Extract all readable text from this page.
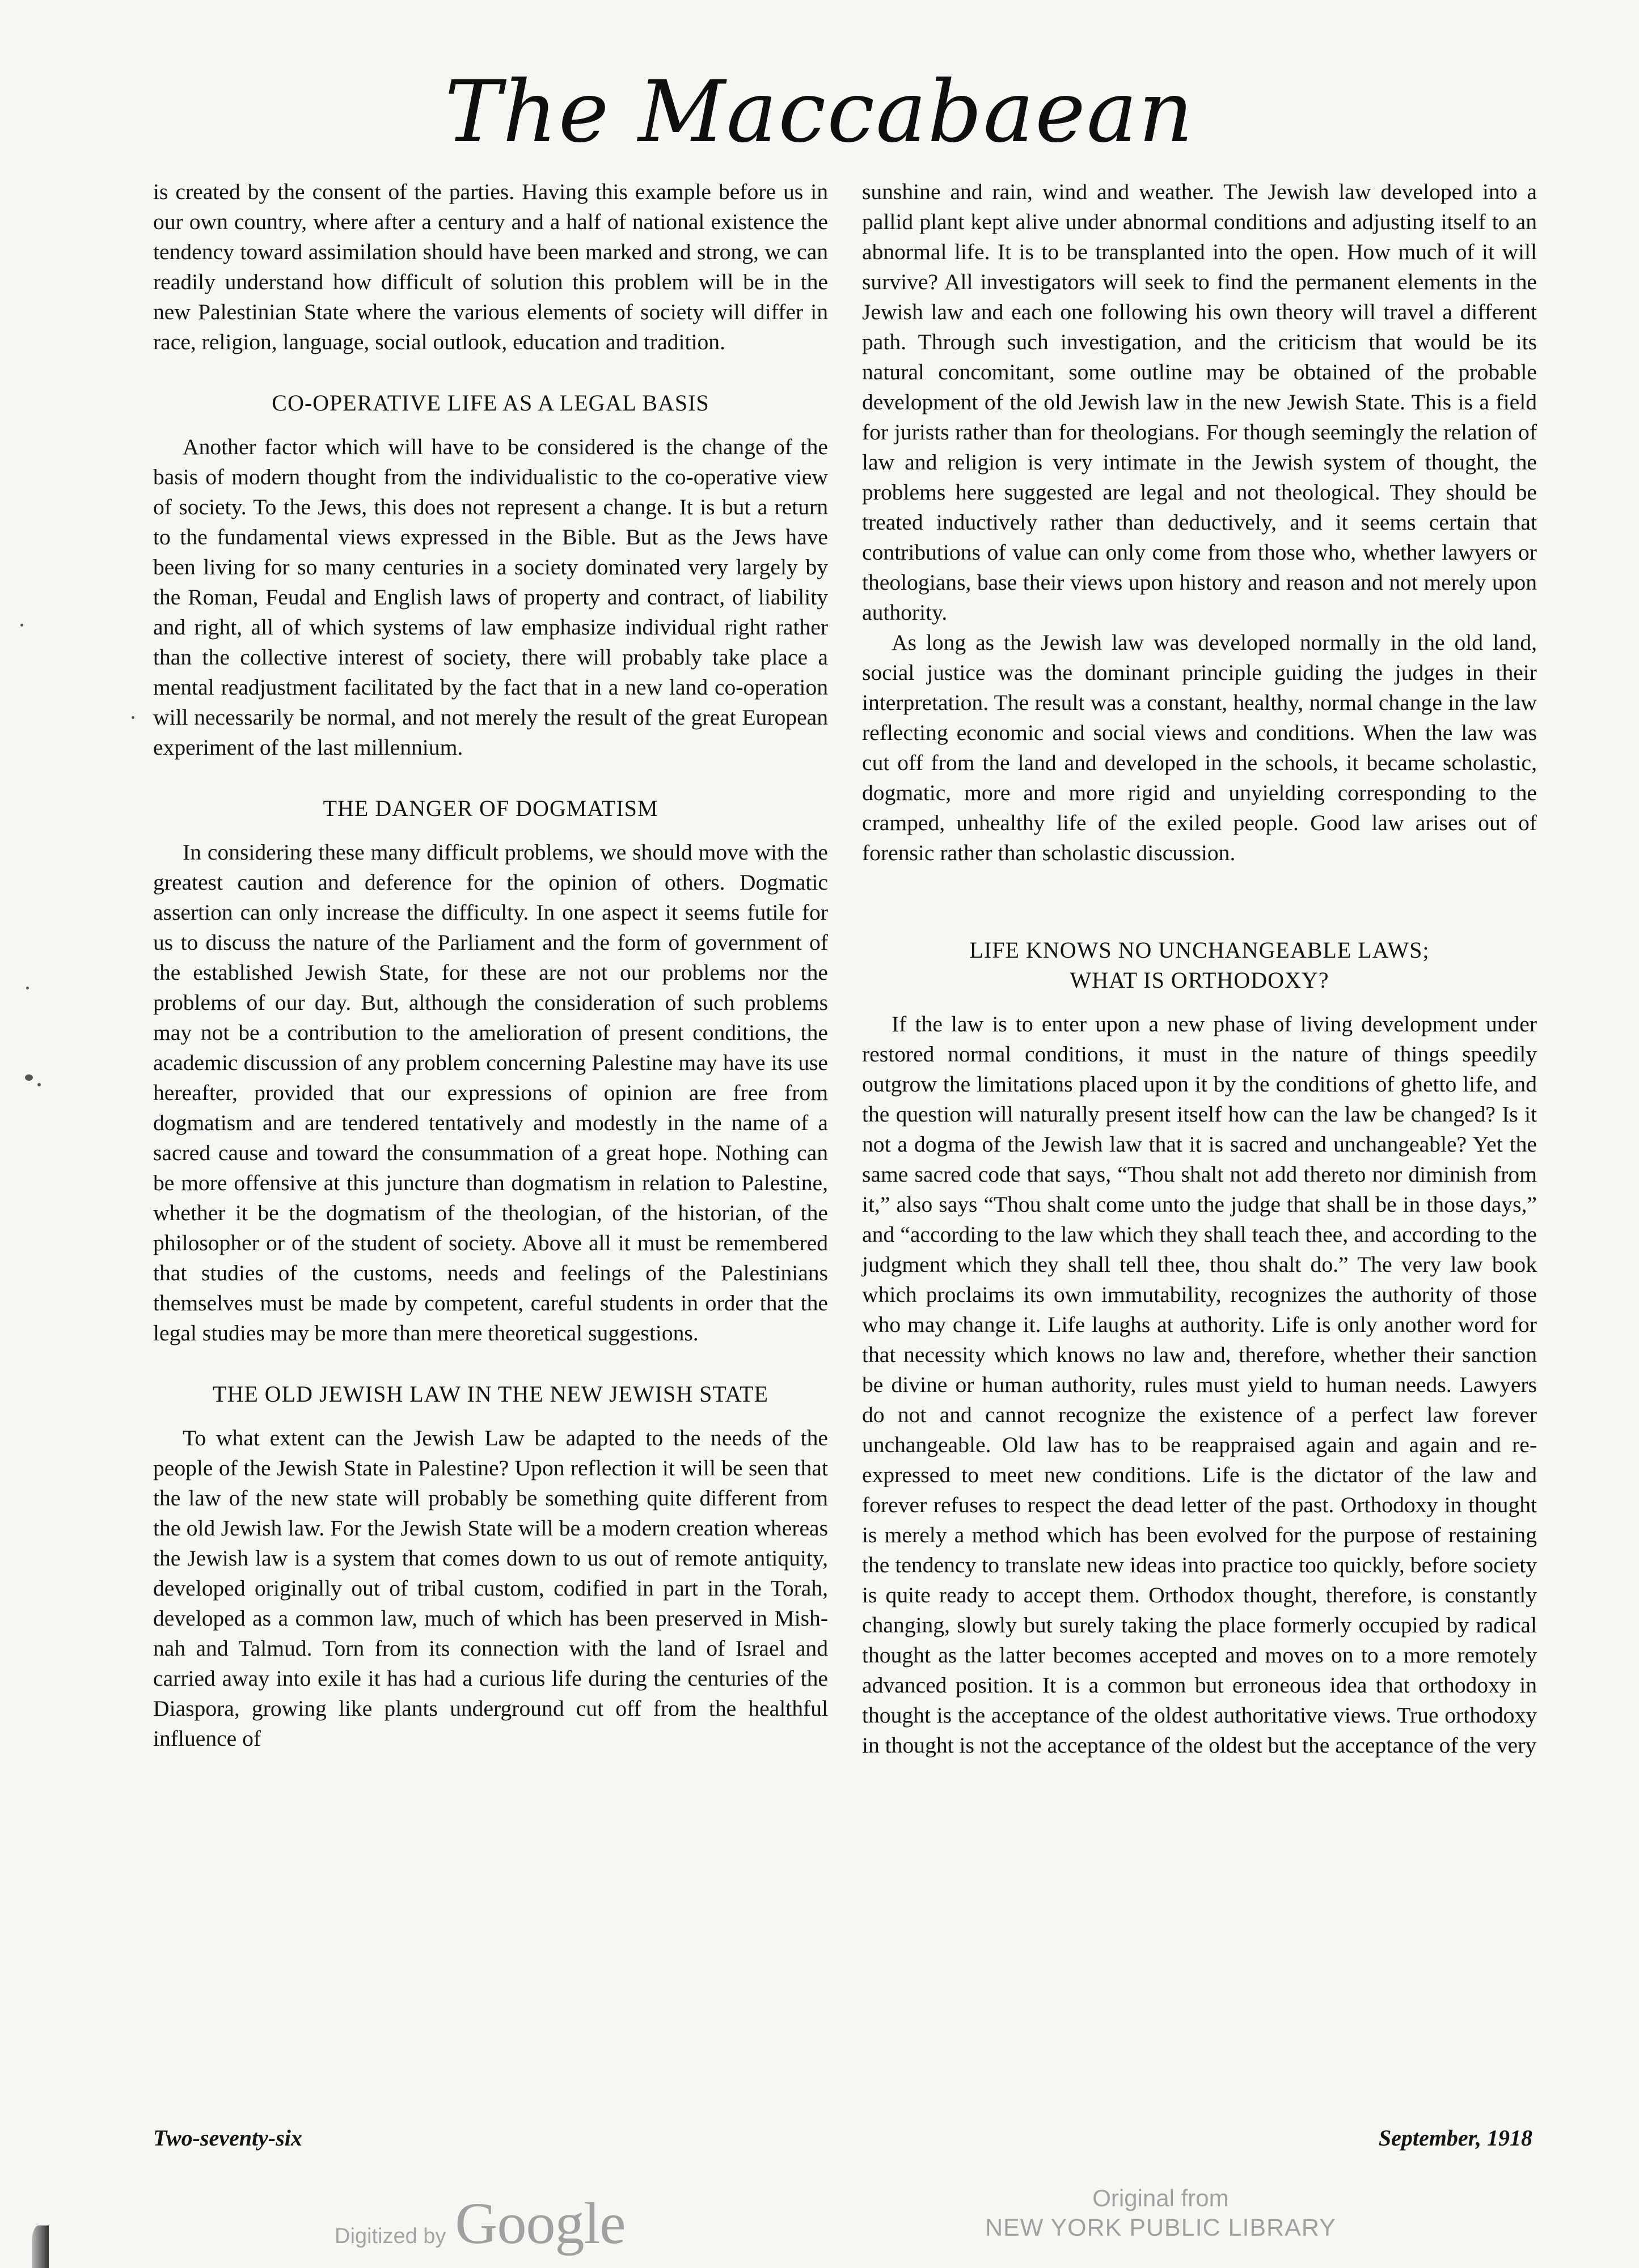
The Maccabaean

is created by the consent of the parties. Having this example before us in our own country, where after a century and a half of national existence the tendency toward assimilation should have been marked and strong, we can readily understand how difficult of solution this problem will be in the new Palestinian State where the various elements of society will differ in race, religion, language, social outlook, education and tradition.

CO-OPERATIVE LIFE AS A LEGAL BASIS

Another factor which will have to be considered is the change of the basis of modern thought from the individualistic to the co-operative view of society. To the Jews, this does not represent a change. It is but a return to the fundamental views expressed in the Bible. But as the Jews have been living for so many centuries in a society dominated very largely by the Roman, Feudal and English laws of property and contract, of liability and right, all of which systems of law emphasize individual right rather than the collective interest of society, there will probably take place a mental readjustment facilitated by the fact that in a new land co-operation will necessarily be normal, and not merely the result of the great European experiment of the last millennium.

THE DANGER OF DOGMATISM

In considering these many difficult problems, we should move with the greatest caution and deference for the opinion of others. Dogmatic assertion can only increase the difficulty. In one aspect it seems futile for us to discuss the nature of the Parliament and the form of government of the established Jewish State, for these are not our problems nor the problems of our day. But, although the consideration of such problems may not be a contribution to the amelioration of present conditions, the academic discussion of any problem concerning Palestine may have its use hereafter, provided that our expressions of opinion are free from dogmatism and are tendered tentatively and modestly in the name of a sacred cause and toward the consummation of a great hope. Nothing can be more offensive at this juncture than dogmatism in relation to Palestine, whether it be the dogmatism of the theologian, of the historian, of the philosopher or of the student of society. Above all it must be remembered that studies of the customs, needs and feelings of the Palestinians themselves must be made by competent, careful students in order that the legal studies may be more than mere theoretical suggestions.

THE OLD JEWISH LAW IN THE NEW JEWISH STATE

To what extent can the Jewish Law be adapted to the needs of the people of the Jewish State in Palestine? Upon reflection it will be seen that the law of the new state will probably be something quite different from the old Jewish law. For the Jewish State will be a modern creation whereas the Jewish law is a system that comes down to us out of remote antiquity, developed originally out of tribal custom, codified in part in the Torah, developed as a common law, much of which has been preserved in Mishnah and Talmud. Torn from its connection with the land of Israel and carried away into exile it has had a curious life during the centuries of the Diaspora, growing like plants underground cut off from the healthful influence of

sunshine and rain, wind and weather. The Jewish law developed into a pallid plant kept alive under abnormal conditions and adjusting itself to an abnormal life. It is to be transplanted into the open. How much of it will survive? All investigators will seek to find the permanent elements in the Jewish law and each one following his own theory will travel a different path. Through such investigation, and the criticism that would be its natural concomitant, some outline may be obtained of the probable development of the old Jewish law in the new Jewish State. This is a field for jurists rather than for theologians. For though seemingly the relation of law and religion is very intimate in the Jewish system of thought, the problems here suggested are legal and not theological. They should be treated inductively rather than deductively, and it seems certain that contributions of value can only come from those who, whether lawyers or theologians, base their views upon history and reason and not merely upon authority.

As long as the Jewish law was developed normally in the old land, social justice was the dominant principle guiding the judges in their interpretation. The result was a constant, healthy, normal change in the law reflecting economic and social views and conditions. When the law was cut off from the land and developed in the schools, it became scholastic, dogmatic, more and more rigid and unyielding corresponding to the cramped, unhealthy life of the exiled people. Good law arises out of forensic rather than scholastic discussion.

LIFE KNOWS NO UNCHANGEABLE LAWS;
WHAT IS ORTHODOXY?

If the law is to enter upon a new phase of living development under restored normal conditions, it must in the nature of things speedily outgrow the limitations placed upon it by the conditions of ghetto life, and the question will naturally present itself how can the law be changed? Is it not a dogma of the Jewish law that it is sacred and unchangeable? Yet the same sacred code that says, “Thou shalt not add thereto nor diminish from it,” also says “Thou shalt come unto the judge that shall be in those days,” and “according to the law which they shall teach thee, and according to the judgment which they shall tell thee, thou shalt do.” The very law book which proclaims its own immutability, recognizes the authority of those who may change it. Life laughs at authority. Life is only another word for that necessity which knows no law and, therefore, whether their sanction be divine or human authority, rules must yield to human needs. Lawyers do not and cannot recognize the existence of a perfect law forever unchangeable. Old law has to be reappraised again and again and re-expressed to meet new conditions. Life is the dictator of the law and forever refuses to respect the dead letter of the past. Orthodoxy in thought is merely a method which has been evolved for the purpose of restaining the tendency to translate new ideas into practice too quickly, before society is quite ready to accept them. Orthodox thought, therefore, is constantly changing, slowly but surely taking the place formerly occupied by radical thought as the latter becomes accepted and moves on to a more remotely advanced position. It is a common but erroneous idea that orthodoxy in thought is the acceptance of the oldest authoritative views. True orthodoxy in thought is not the acceptance of the oldest but the acceptance of the very

Two-seventy-six	September, 1918
Digitized by Google	Original from
NEW YORK PUBLIC LIBRARY
